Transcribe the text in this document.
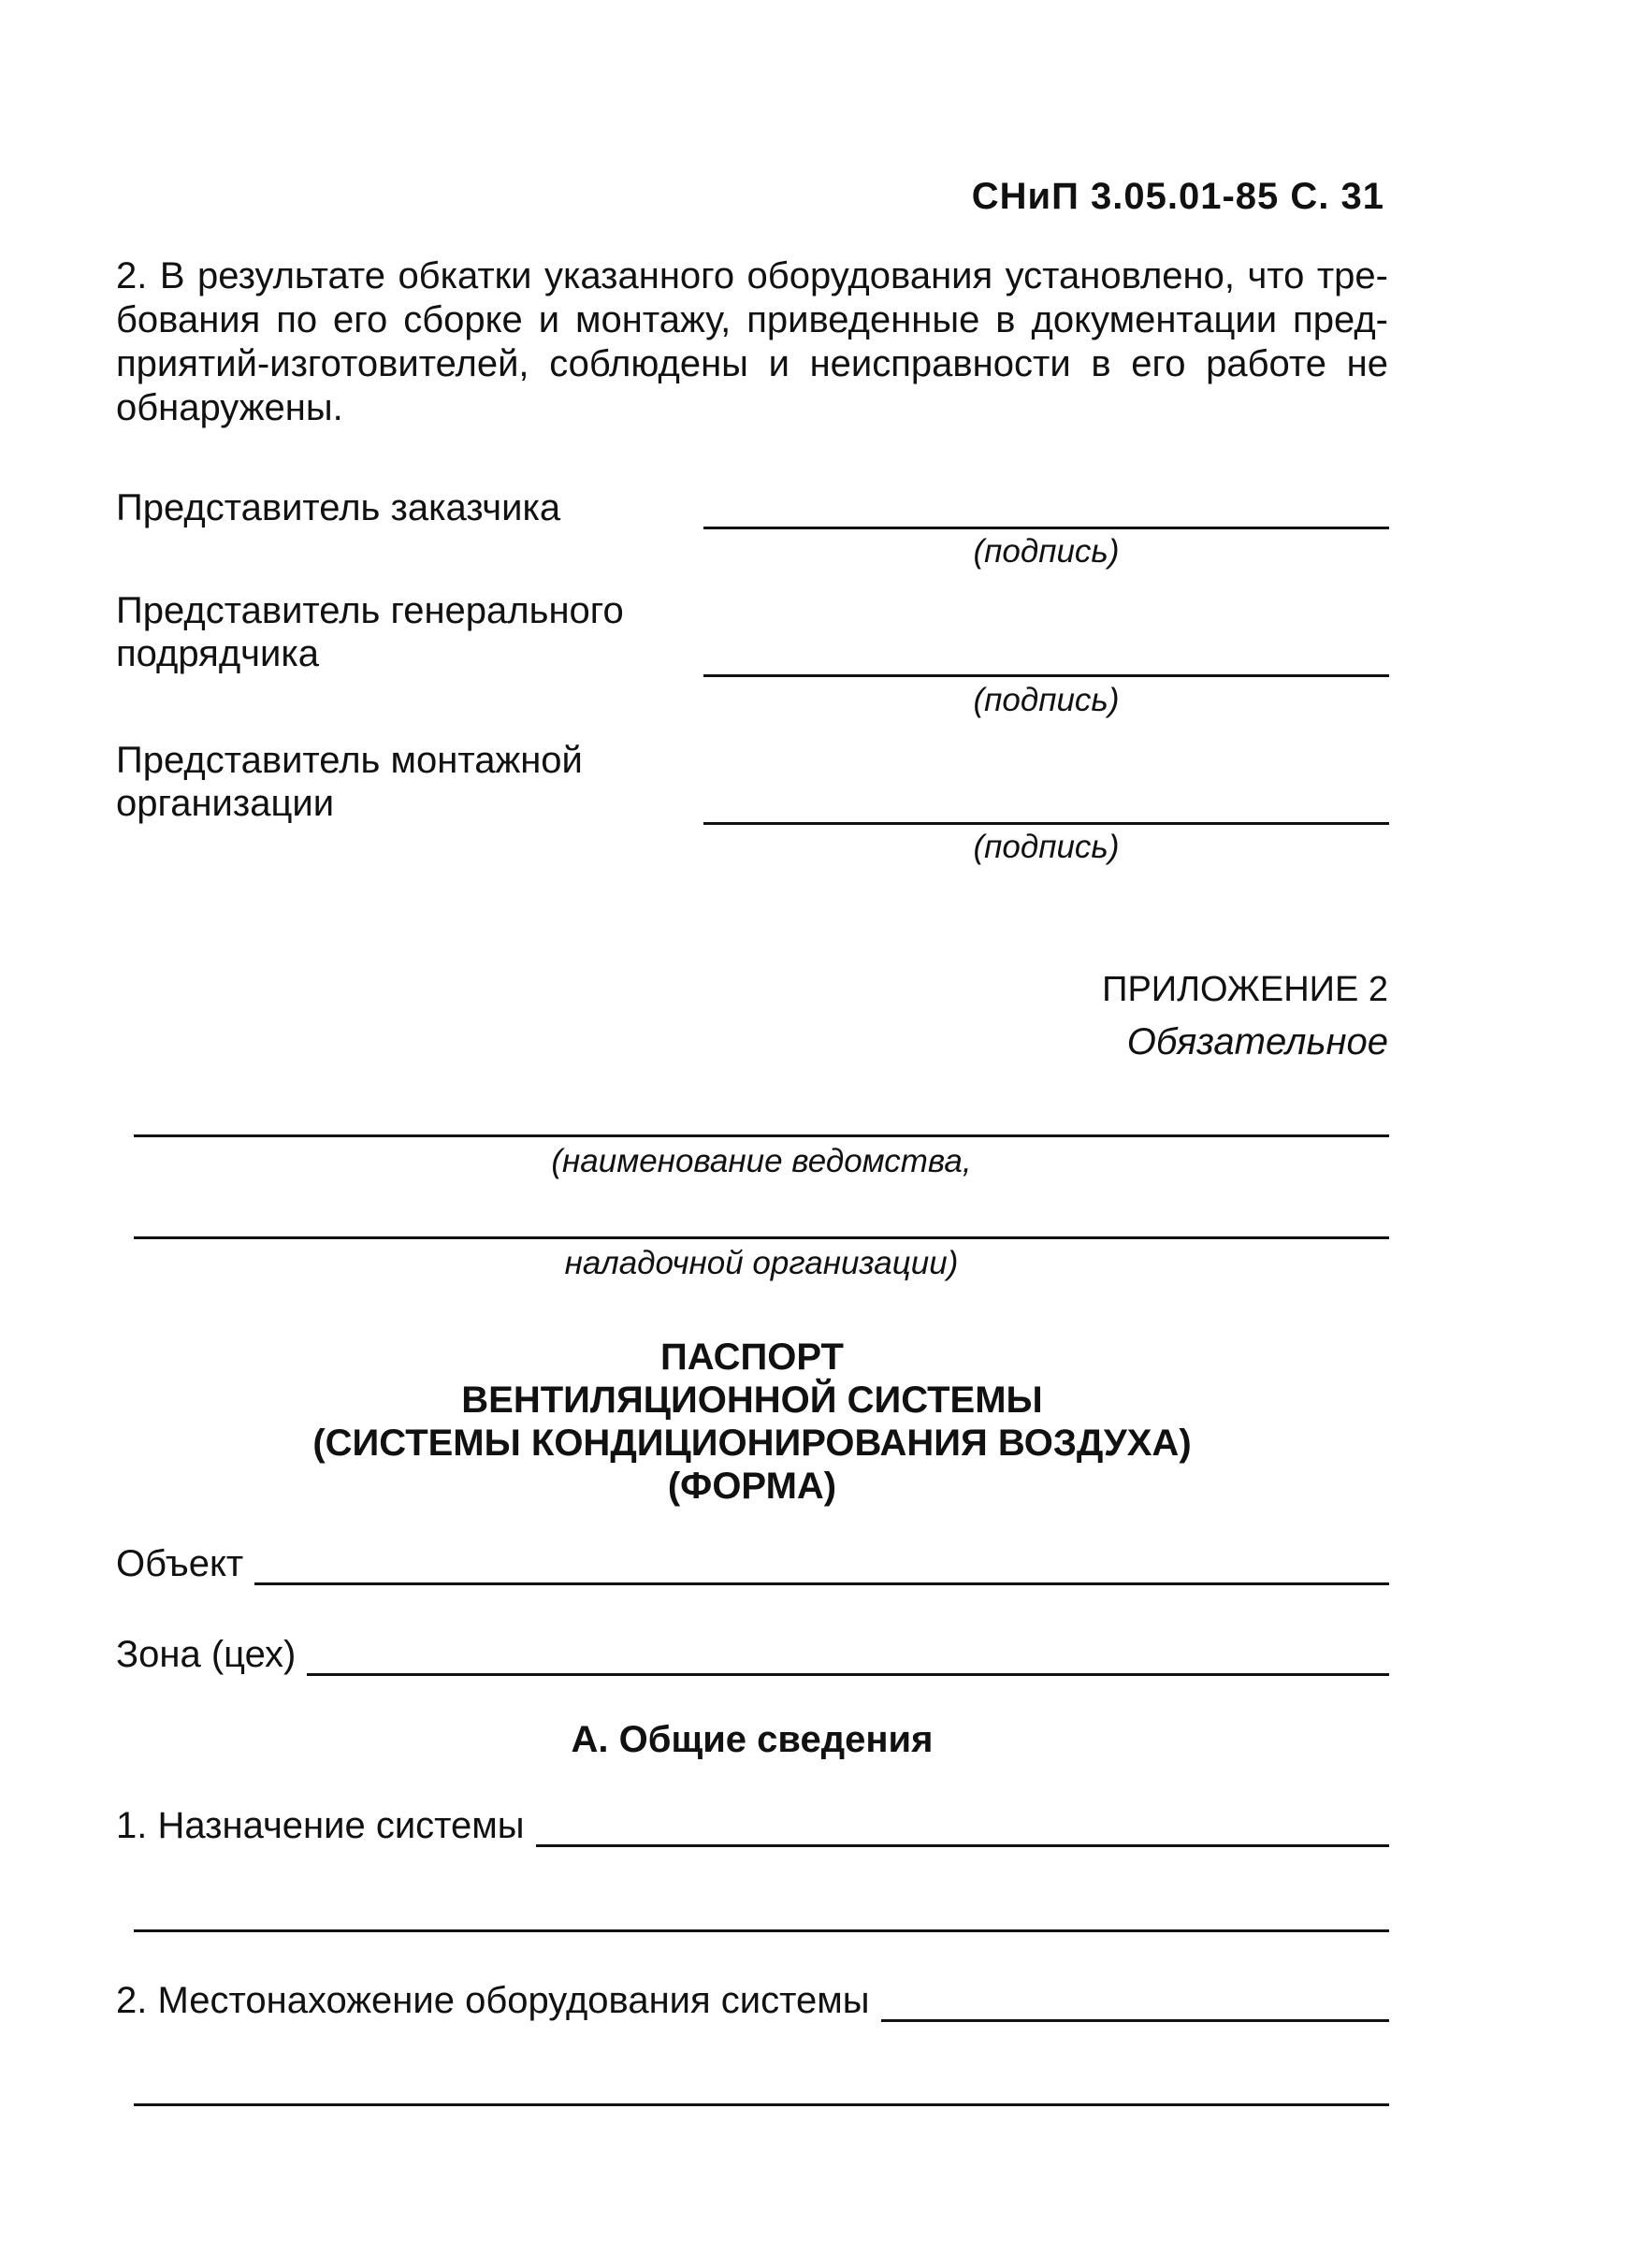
СНиП 3.05.01-85 С. 31
2. В результате обкатки указанного оборудования установлено, что требования по его сборке и монтажу, приведенные в документации предприятий-изготовителей, соблюдены и неисправности в его работе не обнаружены.
Представитель заказчика
(подпись)
Представитель генерального
подрядчика
(подпись)
Представитель монтажной
организации
(подпись)
ПРИЛОЖЕНИЕ 2
Обязательное
(наименование ведомства,
наладочной организации)
ПАСПОРТ
ВЕНТИЛЯЦИОННОЙ СИСТЕМЫ
(СИСТЕМЫ КОНДИЦИОНИРОВАНИЯ ВОЗДУХА)
(ФОРМА)
Объект
Зона (цех)
А. Общие сведения
1. Назначение системы
2. Местонахожение оборудования системы
